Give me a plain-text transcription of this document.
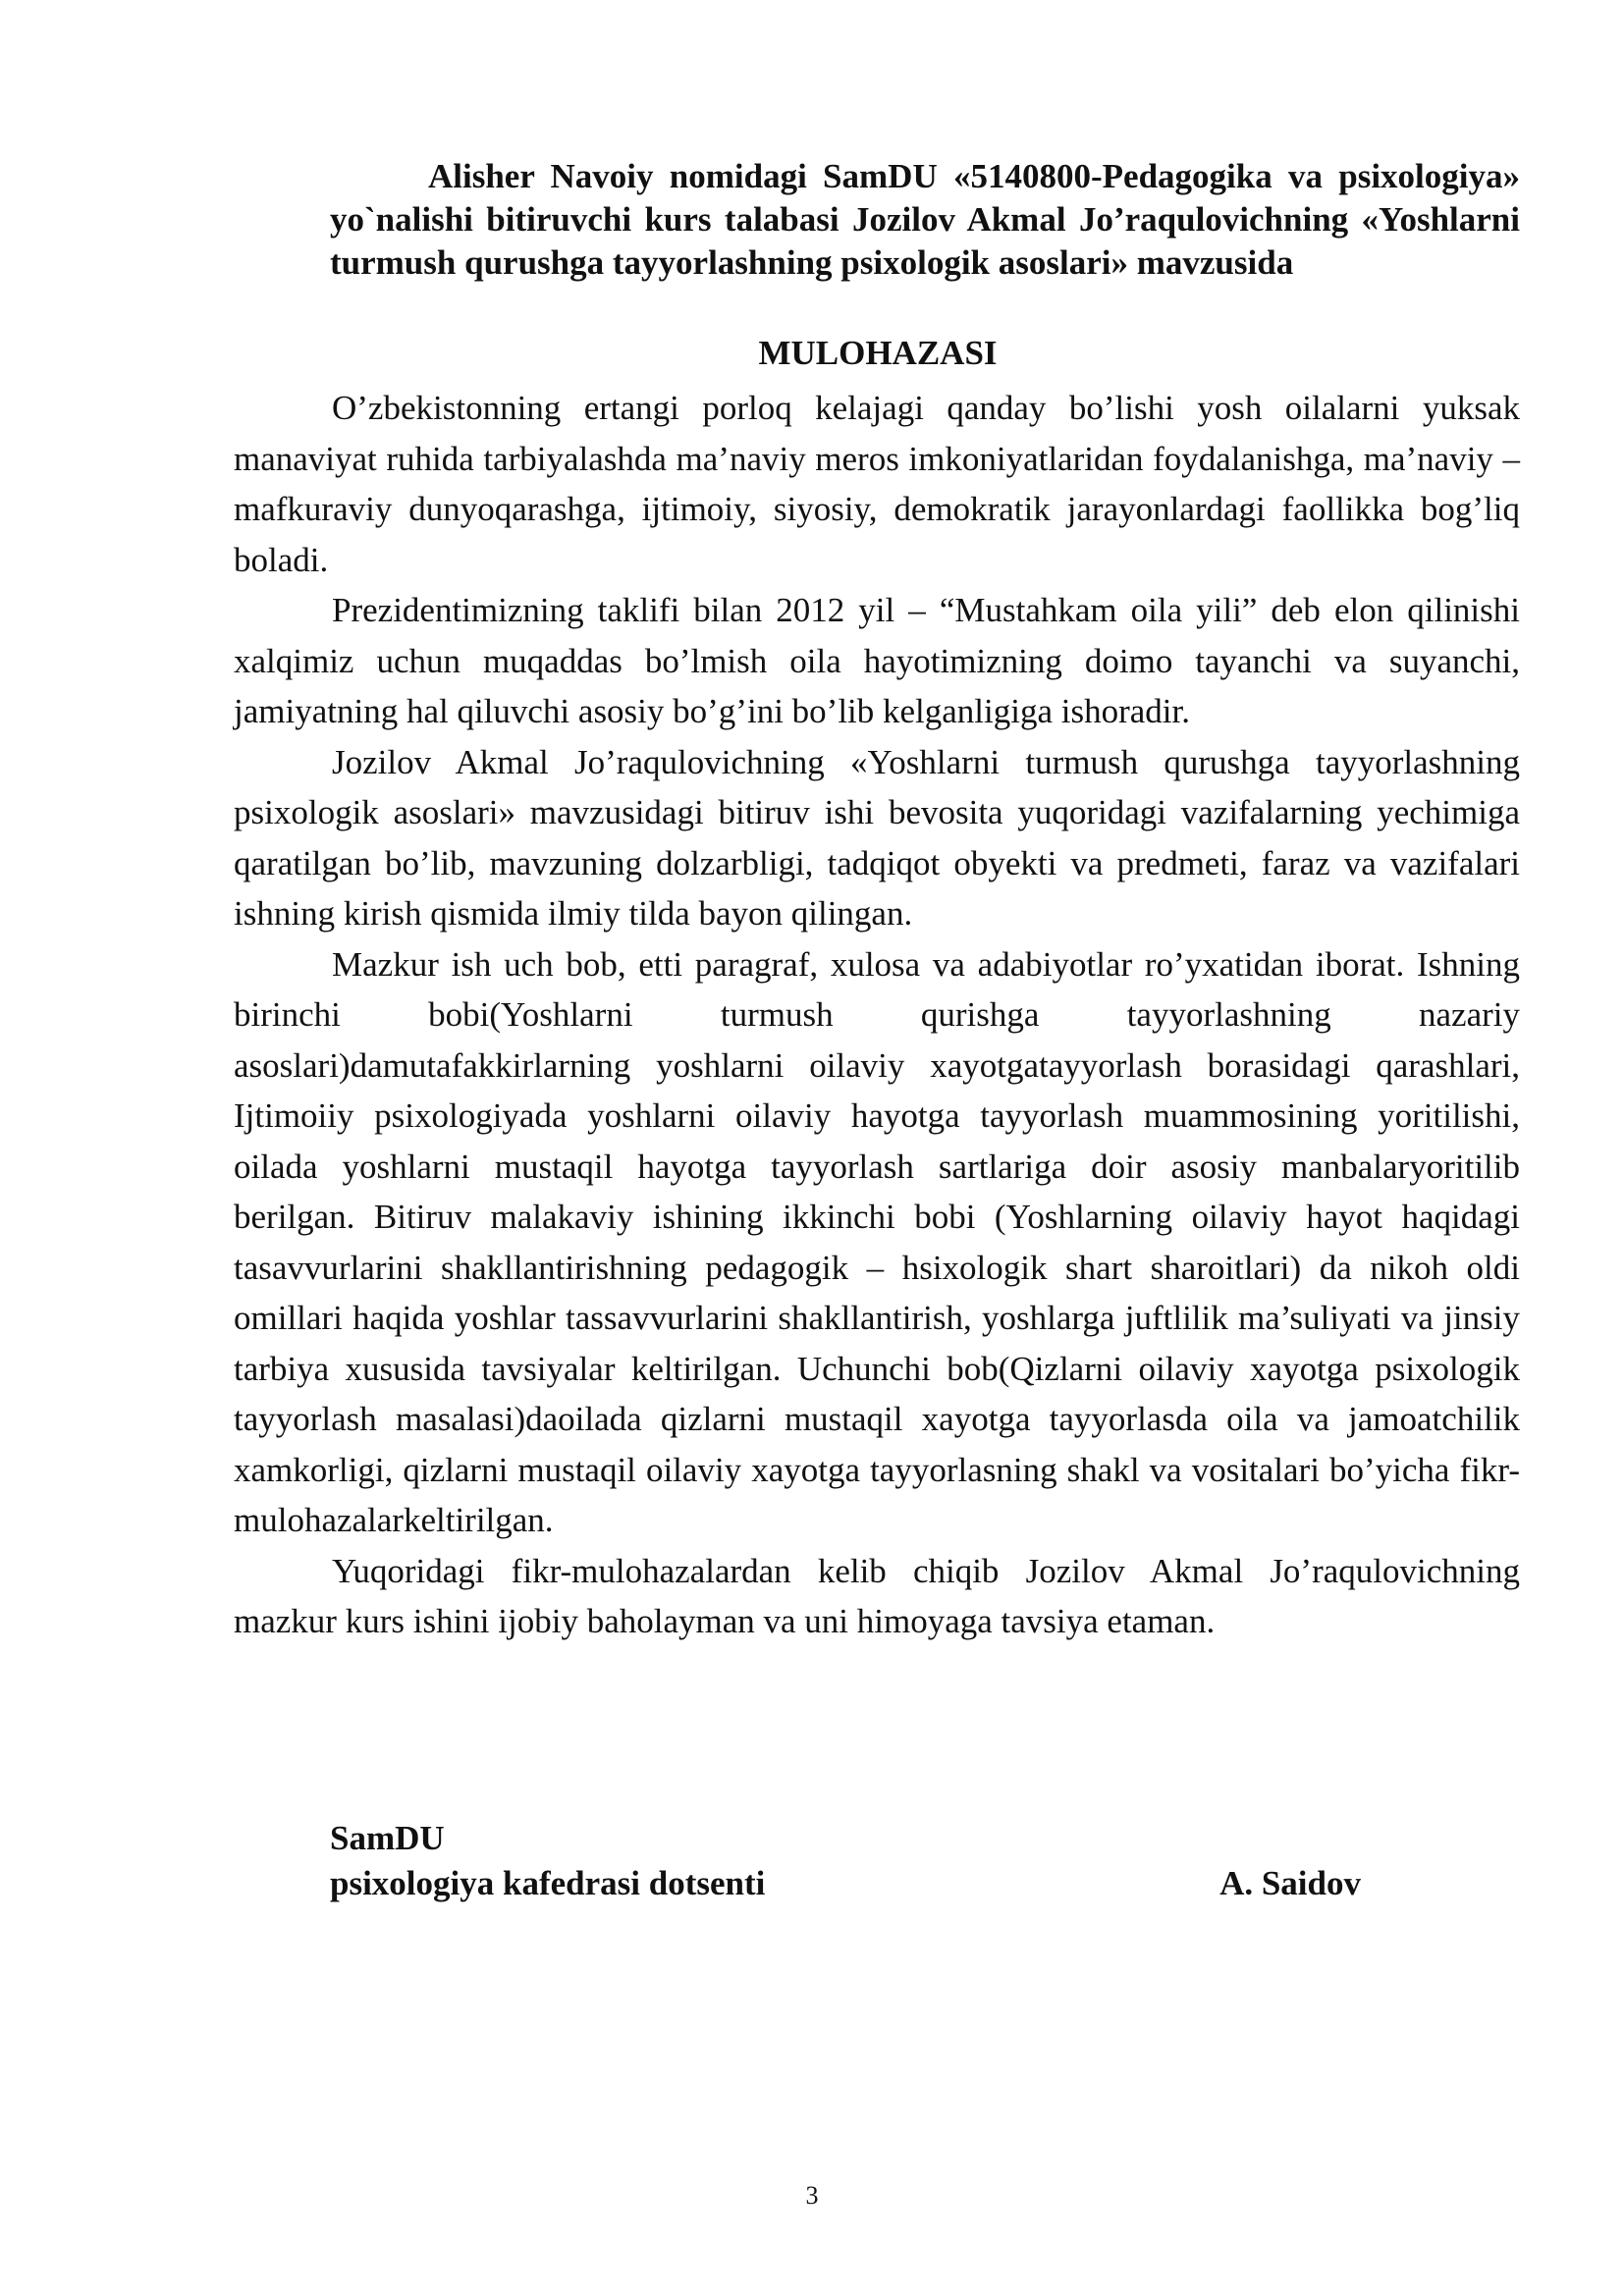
Alisher Navoiy nomidagi SamDU «5140800-Pedagogika va psixologiya» yo`nalishi bitiruvchi kurs talabasi Jozilov Akmal Jo’raqulovichning «Yoshlarni turmush qurushga tayyorlashning psixologik asoslari» mavzusida
MULOHAZASI

O’zbekistonning ertangi porloq kelajagi qanday bo’lishi yosh oilalarni yuksak manaviyat ruhida tarbiyalashda ma’naviy meros imkoniyatlaridan foydalanishga, ma’naviy – mafkuraviy dunyoqarashga, ijtimoiy, siyosiy, demokratik jarayonlardagi faollikka bog’liq boladi.

Prezidentimizning taklifi bilan 2012 yil – “Mustahkam oila yili” deb elon qilinishi xalqimiz uchun muqaddas bo’lmish oila hayotimizning doimo tayanchi va suyanchi, jamiyatning hal qiluvchi asosiy bo’g’ini bo’lib kelganligiga ishoradir.

Jozilov Akmal Jo’raqulovichning «Yoshlarni turmush qurushga tayyorlashning psixologik asoslari» mavzusidagi bitiruv ishi bevosita yuqoridagi vazifalarning yechimiga qaratilgan bo’lib, mavzuning dolzarbligi, tadqiqot obyekti va predmeti, faraz va vazifalari ishning kirish qismida ilmiy tilda bayon qilingan.

Mazkur ish uch bob, etti paragraf, xulosa va adabiyotlar ro’yxatidan iborat. Ishning birinchi bobi(Yoshlarni turmush qurishga tayyorlashning nazariy asoslari)damutafakkirlarning yoshlarni oilaviy xayotgatayyorlash borasidagi qarashlari, Ijtimoiiy psixologiyada yoshlarni oilaviy hayotga tayyorlash muammosining yoritilishi, oilada yoshlarni mustaqil hayotga tayyorlash sartlariga doir asosiy manbalaryoritilib berilgan. Bitiruv malakaviy ishining ikkinchi bobi (Yoshlarning oilaviy hayot haqidagi tasavvurlarini shakllantirishning pedagogik – hsixologik shart sharoitlari) da nikoh oldi omillari haqida yoshlar tassavvurlarini shakllantirish, yoshlarga juftlilik ma’suliyati va jinsiy tarbiya xususida tavsiyalar keltirilgan. Uchunchi bob(Qizlarni oilaviy xayotga psixologik tayyorlash masalasi)daoilada qizlarni mustaqil xayotga tayyorlasda oila va jamoatchilik xamkorligi, qizlarni mustaqil oilaviy xayotga tayyorlasning shakl va vositalari bo’yicha fikr-mulohazalarkeltirilgan.

Yuqoridagi fikr-mulohazalardan kelib chiqib Jozilov Akmal Jo’raqulovichning mazkur kurs ishini ijobiy baholayman va uni himoyaga tavsiya etaman.

SamDU
psixologiya kafedrasi dotsenti	A. Saidov
3
